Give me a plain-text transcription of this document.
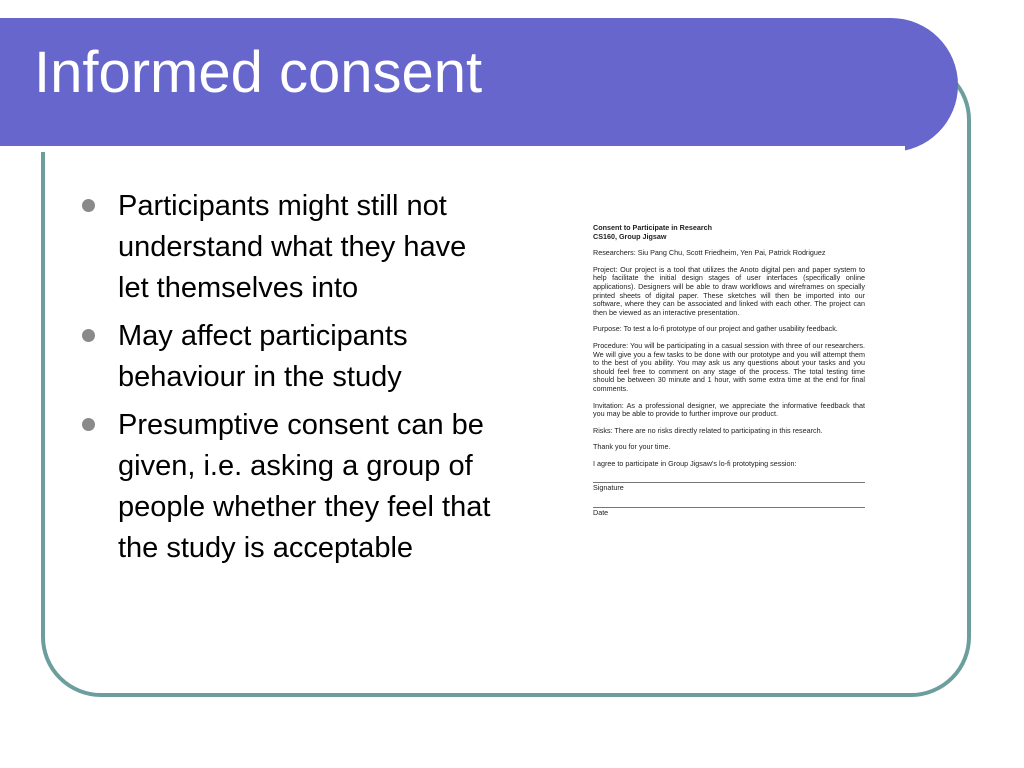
Informed consent
Participants might still not understand what they have let themselves into
May affect participants behaviour in the study
Presumptive consent can be given, i.e. asking a group of people whether they feel that the study is acceptable

Consent to Participate in Research

CS160, Group Jigsaw

Researchers: Siu Pang Chu, Scott Friedheim, Yen Pai, Patrick Rodriguez

Project: Our project is a tool that utilizes the Anoto digital pen and paper system to help facilitate the initial design stages of user interfaces (specifically online applications). Designers will be able to draw workflows and wireframes on specially printed sheets of digital paper. These sketches will then be imported into our software, where they can be associated and linked with each other. The project can then be viewed as an interactive presentation.

Purpose: To test a lo-fi prototype of our project and gather usability feedback.

Procedure: You will be participating in a casual session with three of our researchers. We will give you a few tasks to be done with our prototype and you will attempt them to the best of you ability. You may ask us any questions about your tasks and you should feel free to comment on any stage of the process. The total testing time should be between 30 minute and 1 hour, with some extra time at the end for final comments.

Invitation: As a professional designer, we appreciate the informative feedback that you may be able to provide to further improve our product.

Risks: There are no risks directly related to participating in this research.

Thank you for your time.

I agree to participate in Group Jigsaw's lo-fi prototyping session:

Signature

Date
